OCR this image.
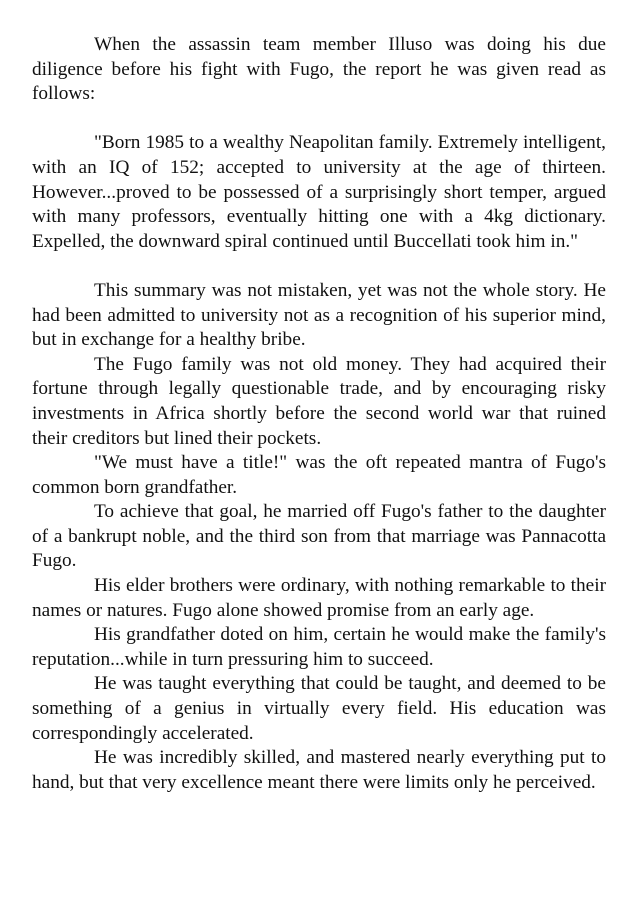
When the assassin team member Illuso was doing his due diligence before his fight with Fugo, the report he was given read as follows:

"Born 1985 to a wealthy Neapolitan family. Extremely intelligent, with an IQ of 152; accepted to university at the age of thirteen. However...proved to be possessed of a surprisingly short temper, argued with many professors, eventually hitting one with a 4kg dictionary. Expelled, the downward spiral continued until Buccellati took him in."

This summary was not mistaken, yet was not the whole story. He had been admitted to university not as a recognition of his superior mind, but in exchange for a healthy bribe.

The Fugo family was not old money. They had acquired their fortune through legally questionable trade, and by encouraging risky investments in Africa shortly before the second world war that ruined their creditors but lined their pockets.

"We must have a title!" was the oft repeated mantra of Fugo's common born grandfather.

To achieve that goal, he married off Fugo's father to the daughter of a bankrupt noble, and the third son from that marriage was Pannacotta Fugo.

His elder brothers were ordinary, with nothing remarkable to their names or natures. Fugo alone showed promise from an early age.

His grandfather doted on him, certain he would make the family's reputation...while in turn pressuring him to succeed.

He was taught everything that could be taught, and deemed to be something of a genius in virtually every field. His education was correspondingly accelerated.

He was incredibly skilled, and mastered nearly everything put to hand, but that very excellence meant there were limits only he perceived.
